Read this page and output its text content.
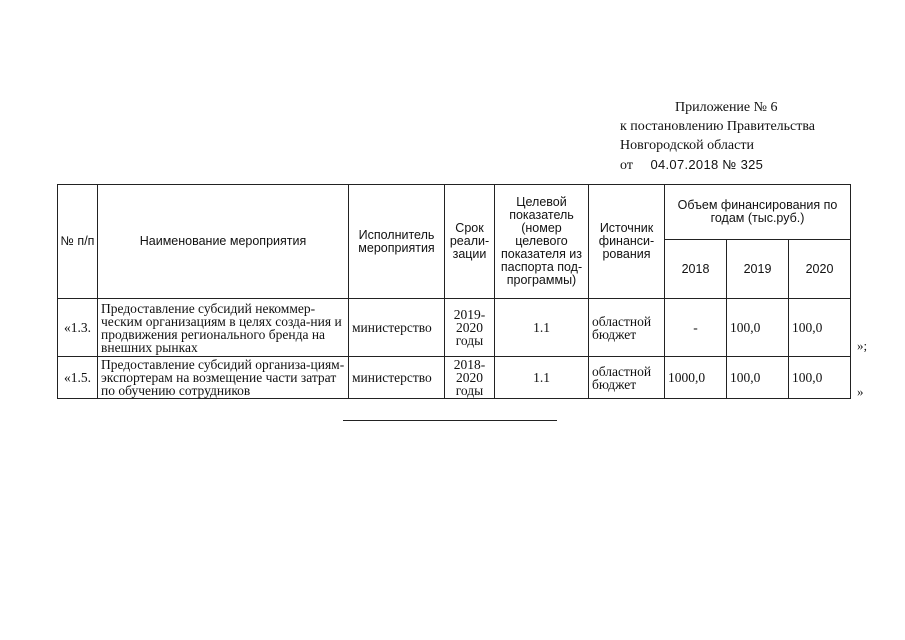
Приложение № 6
к постановлению Правительства
Новгородской области
от 04.07.2018 № 325
№ п/п	Наименование мероприятия	Исполнитель мероприятия	Срок реали-зации	Целевой показатель (номер целевого показателя из паспорта под-программы)	Источник финанси-рования	Объем финансирования по годам (тыс.руб.)		
						2018	2019	2020
«1.3.	Предоставление субсидий некоммер-ческим организациям в целях созда-ния и продвижения регионального бренда на внешних рынках	министерство	2019-2020 годы	1.1	областной бюджет	-	100,0	100,0
«1.5.	Предоставление субсидий организа-циям-экспортерам на возмещение части затрат по обучению сотрудников	министерство	2018-2020 годы	1.1	областной бюджет	1000,0	100,0	100,0
»;
»
